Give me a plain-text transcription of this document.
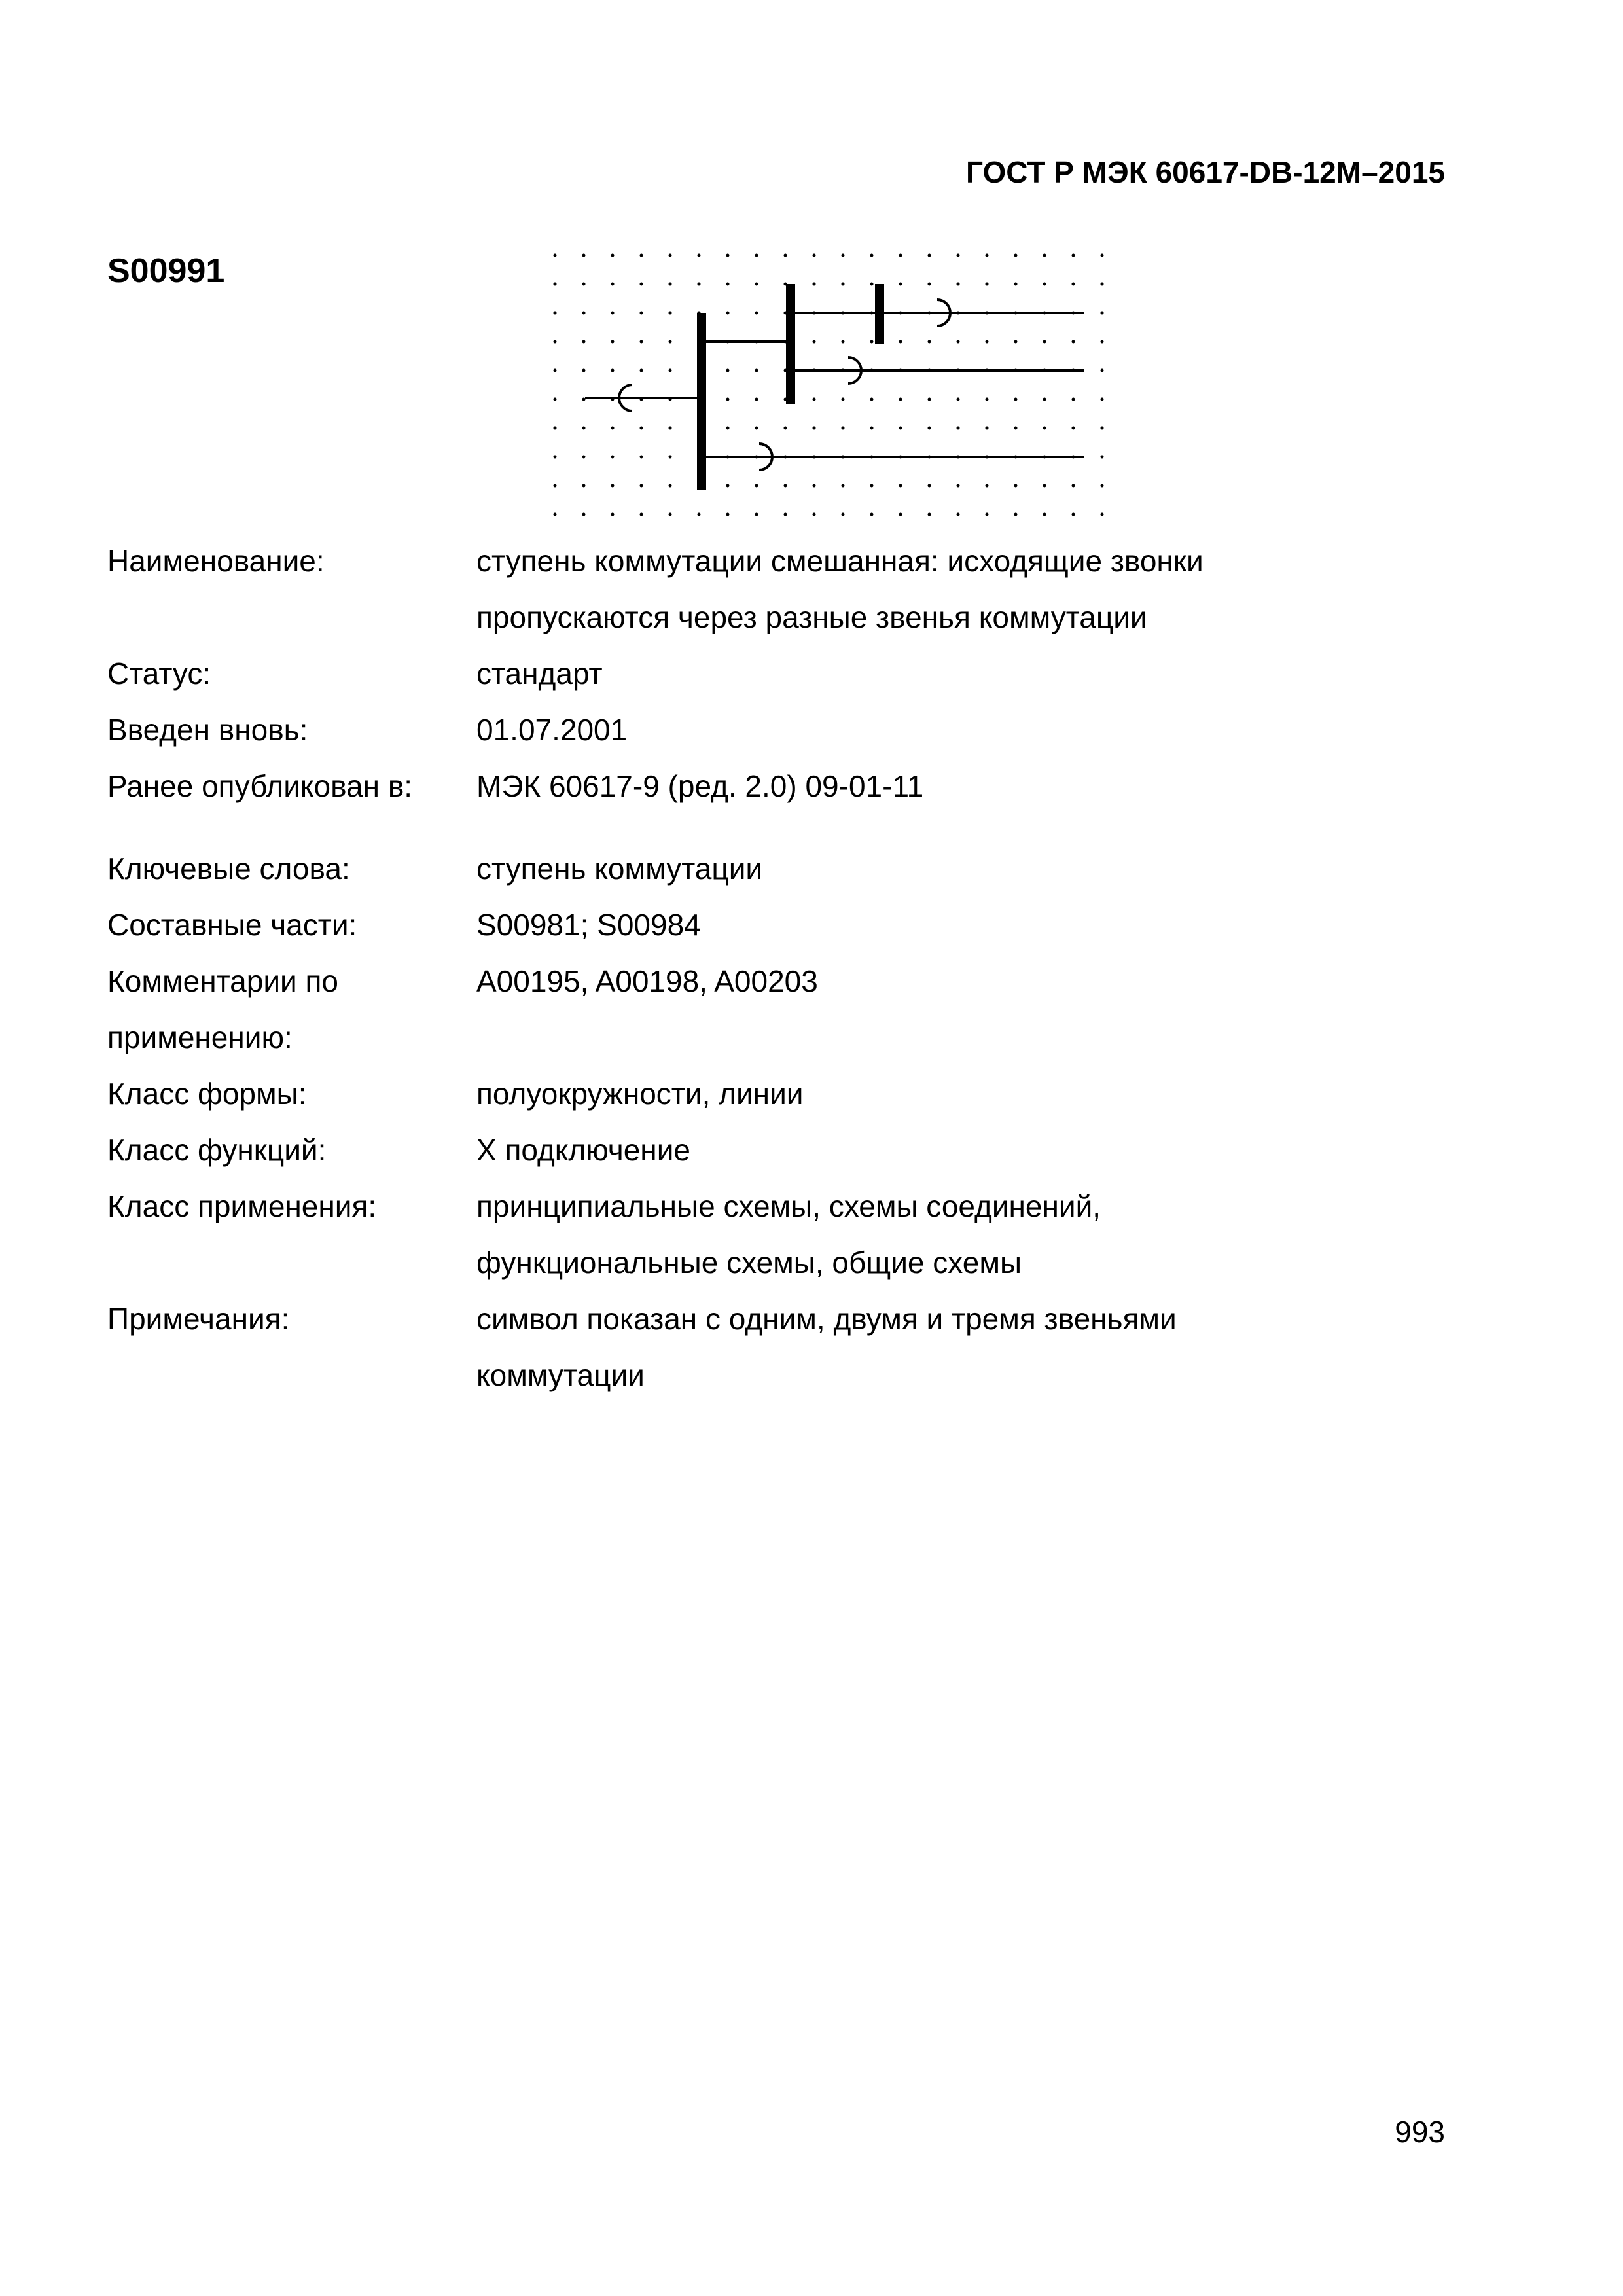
ГОСТ Р МЭК 60617-DB-12M–2015
S00991
Наименование:	ступень коммутации смешанная: исходящие звонки
пропускаются через разные звенья коммутации
Статус:	стандарт
Введен вновь:	01.07.2001
Ранее опубликован в:	МЭК 60617-9 (ред. 2.0) 09-01-11
Ключевые слова:	ступень коммутации
Составные части:	S00981; S00984
Комментарии по
применению:
A00195, A00198, A00203
Класс формы:	полуокружности, линии
Класс функций:	X подключение
Класс применения:	принципиальные схемы, схемы соединений,
функциональные схемы, общие схемы
Примечания:	символ показан с одним, двумя и тремя звеньями
коммутации
993
